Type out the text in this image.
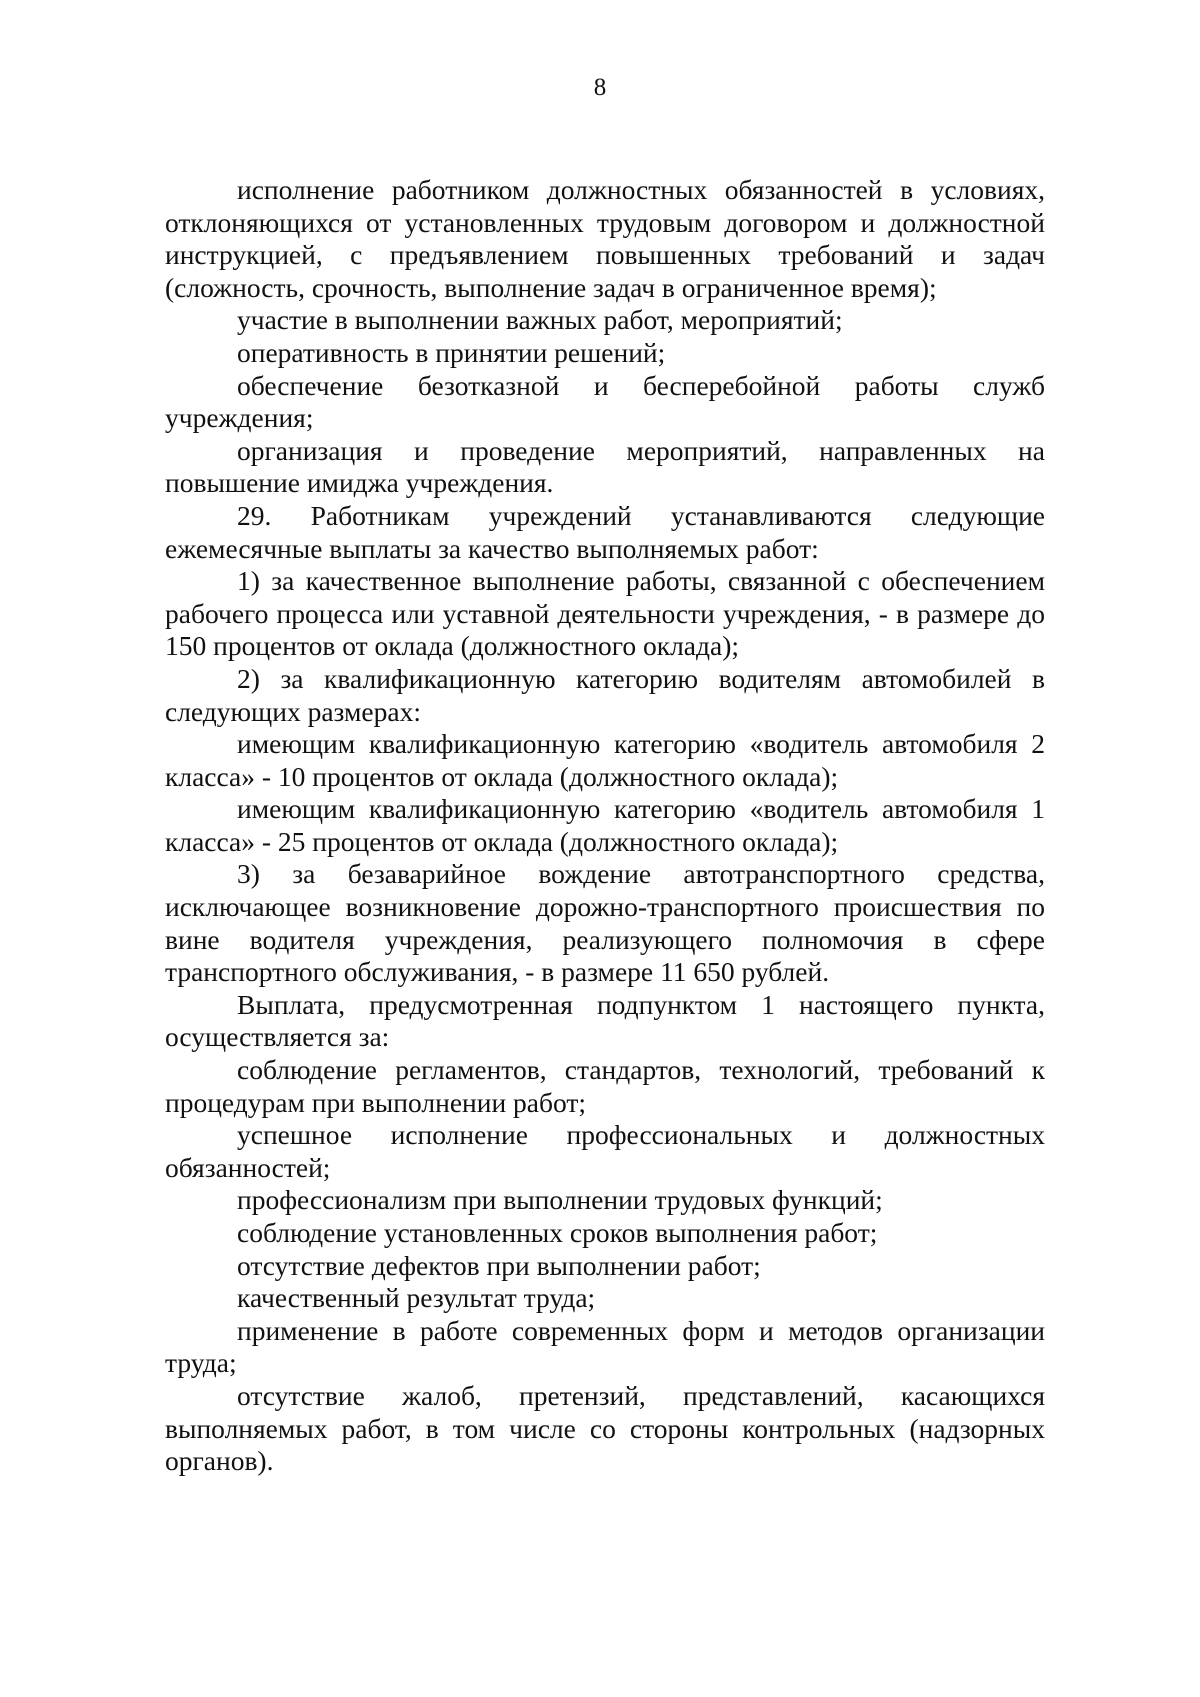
8

исполнение работником должностных обязанностей в условиях, отклоняющихся от установленных трудовым договором и должностной инструкцией, с предъявлением повышенных требований и задач (сложность, срочность, выполнение задач в ограниченное время);

участие в выполнении важных работ, мероприятий;

оперативность в принятии решений;

обеспечение безотказной и бесперебойной работы служб учреждения;

организация и проведение мероприятий, направленных на повышение имиджа учреждения.

29. Работникам учреждений устанавливаются следующие ежемесячные выплаты за качество выполняемых работ:

1) за качественное выполнение работы, связанной с обеспечением рабочего процесса или уставной деятельности учреждения, - в размере до 150 процентов от оклада (должностного оклада);

2) за квалификационную категорию водителям автомобилей в следующих размерах:

имеющим квалификационную категорию «водитель автомобиля 2 класса» - 10 процентов от оклада (должностного оклада);

имеющим квалификационную категорию «водитель автомобиля 1 класса» - 25 процентов от оклада (должностного оклада);

3) за безаварийное вождение автотранспортного средства, исключающее возникновение дорожно-транспортного происшествия по вине водителя учреждения, реализующего полномочия в сфере транспортного обслуживания, - в размере 11 650 рублей.

Выплата, предусмотренная подпунктом 1 настоящего пункта, осуществляется за:

соблюдение регламентов, стандартов, технологий, требований к процедурам при выполнении работ;

успешное исполнение профессиональных и должностных обязанностей;

профессионализм при выполнении трудовых функций;

соблюдение установленных сроков выполнения работ;

отсутствие дефектов при выполнении работ;

качественный результат труда;

применение в работе современных форм и методов организации труда;

отсутствие жалоб, претензий, представлений, касающихся выполняемых работ, в том числе со стороны контрольных (надзорных органов).
